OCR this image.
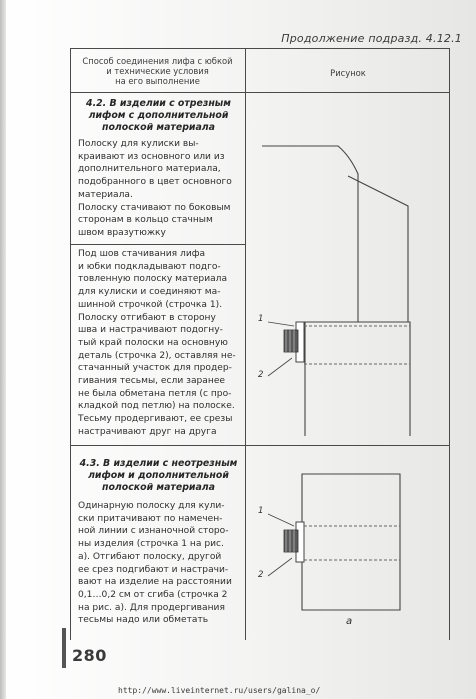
Продолжение подразд. 4.12.1
Способ соединения лифа с юбкой
и технические условия
на его выполнение
Рисунок
4.2. В изделии с отрезным
лифом с дополнительной
полоской материала
Полоску для кулиски вы-
краивают из основного или из
дополнительного материала,
подобранного в цвет основного
материала.
Полоску стачивают по боковым
сторонам в кольцо стачным
швом вразутюжку
Под шов стачивания лифа
и юбки подкладывают подго-
товленную полоску материала
для кулиски и соединяют ма-
шинной строчкой (строчка 1).
Полоску отгибают в сторону
шва и настрачивают подогну-
тый край полоски на основную
деталь (строчка 2), оставляя не-
стачанный участок для продер-
гивания тесьмы, если заранее
не была обметана петля (с про-
кладкой под петлю) на полоске.
Тесьму продергивают, ее срезы
настрачивают друг на друга
1
2
4.3. В изделии с неотрезным
лифом и дополнительной
полоской материала
Одинарную полоску для кули-
ски притачивают по намечен-
ной линии с изнаночной сторо-
ны изделия (строчка 1 на рис.
а). Отгибают полоску, другой
ее срез подгибают и настрачи-
вают на изделие на расстоянии
0,1…0,2 см от сгиба (строчка 2
на рис. а). Для продергивания
тесьмы надо или обметать
1
2
а
280
http://www.liveinternet.ru/users/galina_o/
